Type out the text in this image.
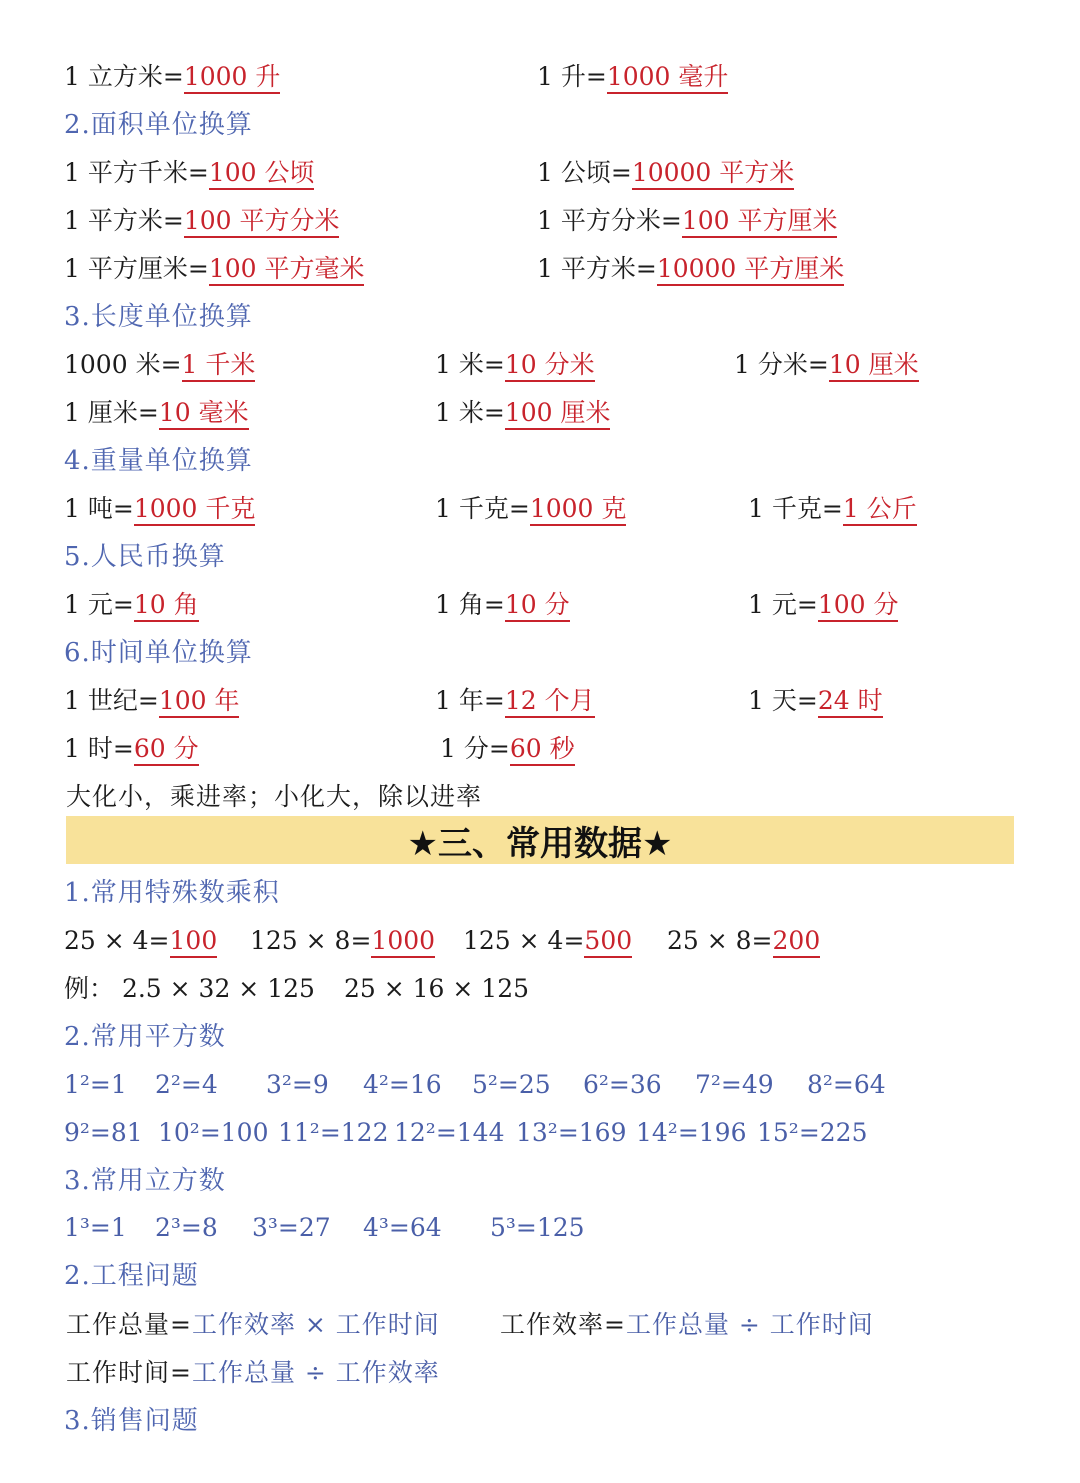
1 立方米=1000 升	1 升=1000 毫升
2.面积单位换算
1 平方千米=100 公顷	1 公顷=10000 平方米
1 平方米=100 平方分米	1 平方分米=100 平方厘米
1 平方厘米=100 平方毫米	1 平方米=10000 平方厘米
3.长度单位换算
1000 米=1 千米	1 米=10 分米	1 分米=10 厘米
1 厘米=10 毫米	1 米=100 厘米
4.重量单位换算
1 吨=1000 千克	1 千克=1000 克	1 千克=1 公斤
5.人民币换算
1 元=10 角	1 角=10 分	1 元=100 分
6.时间单位换算
1 世纪=100 年	1 年=12 个月	1 天=24 时
1 时=60 分	1 分=60 秒
大化小，乘进率；小化大，除以进率
★三、常用数据★
1.常用特殊数乘积
25 × 4=100 125 × 8=1000 125 × 4=500 25 × 8=200
例： 2.5 × 32 × 125 25 × 16 × 125
2.常用平方数
1²=1 2²=4 3²=9 4²=16 5²=25 6²=36 7²=49 8²=64
9²=81 10²=100 11²=122 12²=144 13²=169 14²=196 15²=225
3.常用立方数
1³=1 2³=8 3³=27 4³=64 5³=125
2.工程问题
工作总量=工作效率 × 工作时间 工作效率=工作总量 ÷ 工作时间
工作时间=工作总量 ÷ 工作效率
3.销售问题
